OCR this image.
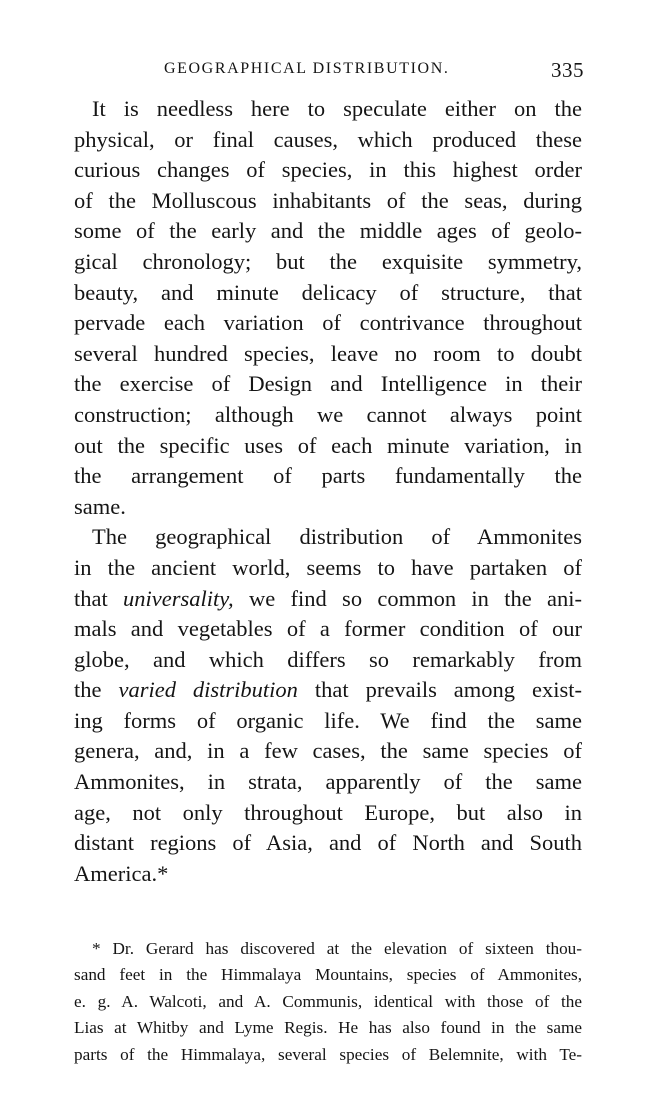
GEOGRAPHICAL DISTRIBUTION.	335
It is needless here to speculate either on the
physical, or final causes, which produced these
curious changes of species, in this highest order
of the Molluscous inhabitants of the seas, during
some of the early and the middle ages of geolo-
gical chronology; but the exquisite symmetry,
beauty, and minute delicacy of structure, that
pervade each variation of contrivance throughout
several hundred species, leave no room to doubt
the exercise of Design and Intelligence in their
construction; although we cannot always point
out the specific uses of each minute variation, in
the arrangement of parts fundamentally the
same.
The geographical distribution of Ammonites
in the ancient world, seems to have partaken of
that universality, we find so common in the ani-
mals and vegetables of a former condition of our
globe, and which differs so remarkably from
the varied distribution that prevails among exist-
ing forms of organic life. We find the same
genera, and, in a few cases, the same species of
Ammonites, in strata, apparently of the same
age, not only throughout Europe, but also in
distant regions of Asia, and of North and South
America.*
* Dr. Gerard has discovered at the elevation of sixteen thou-
sand feet in the Himmalaya Mountains, species of Ammonites,
e. g. A. Walcoti, and A. Communis, identical with those of the
Lias at Whitby and Lyme Regis. He has also found in the same
parts of the Himmalaya, several species of Belemnite, with Te-
